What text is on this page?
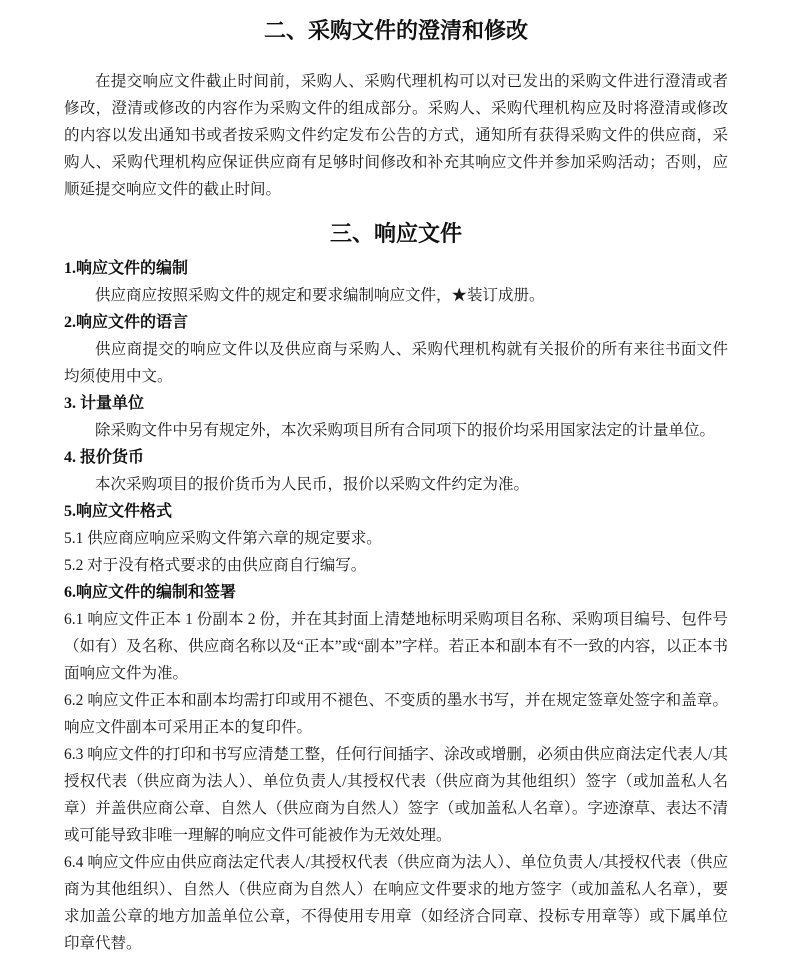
二、采购文件的澄清和修改

在提交响应文件截止时间前，采购人、采购代理机构可以对已发出的采购文件进行澄清或者修改，澄清或修改的内容作为采购文件的组成部分。采购人、采购代理机构应及时将澄清或修改的内容以发出通知书或者按采购文件约定发布公告的方式，通知所有获得采购文件的供应商，采购人、采购代理机构应保证供应商有足够时间修改和补充其响应文件并参加采购活动；否则，应顺延提交响应文件的截止时间。

三、响应文件
1.响应文件的编制

供应商应按照采购文件的规定和要求编制响应文件，★装订成册。

2.响应文件的语言

供应商提交的响应文件以及供应商与采购人、采购代理机构就有关报价的所有来往书面文件均须使用中文。

3. 计量单位

除采购文件中另有规定外，本次采购项目所有合同项下的报价均采用国家法定的计量单位。

4. 报价货币

本次采购项目的报价货币为人民币，报价以采购文件约定为准。

5.响应文件格式

5.1 供应商应响应采购文件第六章的规定要求。

5.2 对于没有格式要求的由供应商自行编写。

6.响应文件的编制和签署

6.1 响应文件正本 1 份副本 2 份，并在其封面上清楚地标明采购项目名称、采购项目编号、包件号（如有）及名称、供应商名称以及“正本”或“副本”字样。若正本和副本有不一致的内容，以正本书面响应文件为准。

6.2 响应文件正本和副本均需打印或用不褪色、不变质的墨水书写，并在规定签章处签字和盖章。响应文件副本可采用正本的复印件。

6.3 响应文件的打印和书写应清楚工整，任何行间插字、涂改或增删，必须由供应商法定代表人/其授权代表（供应商为法人）、单位负责人/其授权代表（供应商为其他组织）签字（或加盖私人名章）并盖供应商公章、自然人（供应商为自然人）签字（或加盖私人名章）。字迹潦草、表达不清或可能导致非唯一理解的响应文件可能被作为无效处理。

6.4 响应文件应由供应商法定代表人/其授权代表（供应商为法人）、单位负责人/其授权代表（供应商为其他组织）、自然人（供应商为自然人）在响应文件要求的地方签字（或加盖私人名章），要求加盖公章的地方加盖单位公章，不得使用专用章（如经济合同章、投标专用章等）或下属单位印章代替。
